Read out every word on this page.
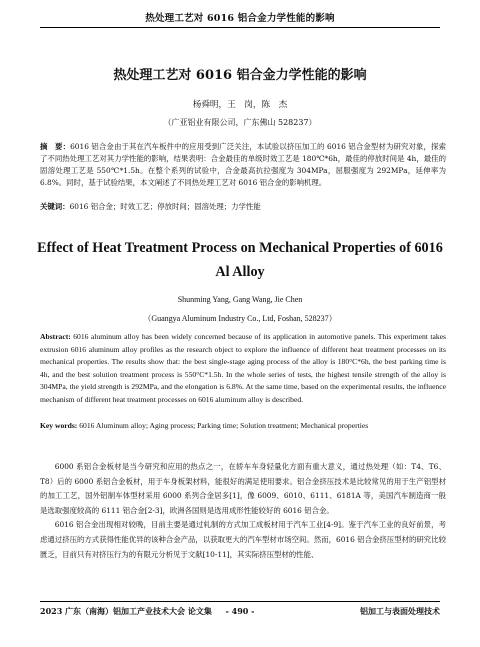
热处理工艺对 6016 铝合金力学性能的影响
热处理工艺对 6016 铝合金力学性能的影响
杨舜明，王　岗，陈　杰
（广亚铝业有限公司，广东佛山 528237）
摘　要：6016 铝合金由于其在汽车板件中的应用受到广泛关注，本试验以挤压加工的 6016 铝合金型材为研究对象，探索了不同热处理工艺对其力学性能的影响，结果表明：合金最佳的单级时效工艺是 180℃*6h，最佳的停放时间是 4h，最佳的固溶处理工艺是 550℃*1.5h。在整个系列的试验中，合金最高抗拉强度为 304MPa，屈服强度为 292MPa，延伸率为 6.8%。同时，基于试验结果，本文阐述了不同热处理工艺对 6016 铝合金的影响机理。
关键词：6016 铝合金；时效工艺；停放时间；固溶处理；力学性能
Effect of Heat Treatment Process on Mechanical Properties of 6016 Al Alloy
Shunming Yang, Gang Wang, Jie Chen
（Guangya Aluminum Industry Co., Ltd, Foshan, 528237）
Abstract: 6016 aluminum alloy has been widely concerned because of its application in automotive panels. This experiment takes extrusion 6016 aluminum alloy profiles as the research object to explore the influence of different heat treatment processes on its mechanical properties. The results show that: the best single-stage aging process of the alloy is 180°C*6h, the best parking time is 4h, and the best solution treatment process is 550°C*1.5h. In the whole series of tests, the highest tensile strength of the alloy is 304MPa, the yield strength is 292MPa, and the elongation is 6.8%. At the same time, based on the experimental results, the influence mechanism of different heat treatment processes on 6016 aluminum alloy is described.
Key words: 6016 Aluminum alloy; Aging process; Parking time; Solution treatment; Mechanical properties

6000 系铝合金板材是当今研究和应用的热点之一，在轿车车身轻量化方面有重大意义，通过热处理（如：T4、T6、T8）后的 6000 系铝合金板材，用于车身板架材料，能很好的满足使用要求。铝合金挤压技术是比较常见的用于生产铝型材的加工工艺，国外铝制车体型材采用 6000 系列合金居多[1]，像 6009、6010、6111、6181A 等，美国汽车制造商一般是选取强度较高的 6111 铝合金[2-3]，欧洲各国则是选用成形性能较好的 6016 铝合金。

6016 铝合金出现相对较晚，目前主要是通过轧制的方式加工成板材用于汽车工业[4-9]。鉴于汽车工业的良好前景，考虑通过挤压的方式获得性能优异的该种合金产品，以获取更大的汽车型材市场空间。然而，6016 铝合金挤压型材的研究比较匮乏，目前只有对挤压行为的有限元分析见于文献[10-11]，其实际挤压型材的性能、

2023 广东（南海）铝加工产业技术大会 论文集	- 490 -	铝加工与表面处理技术
